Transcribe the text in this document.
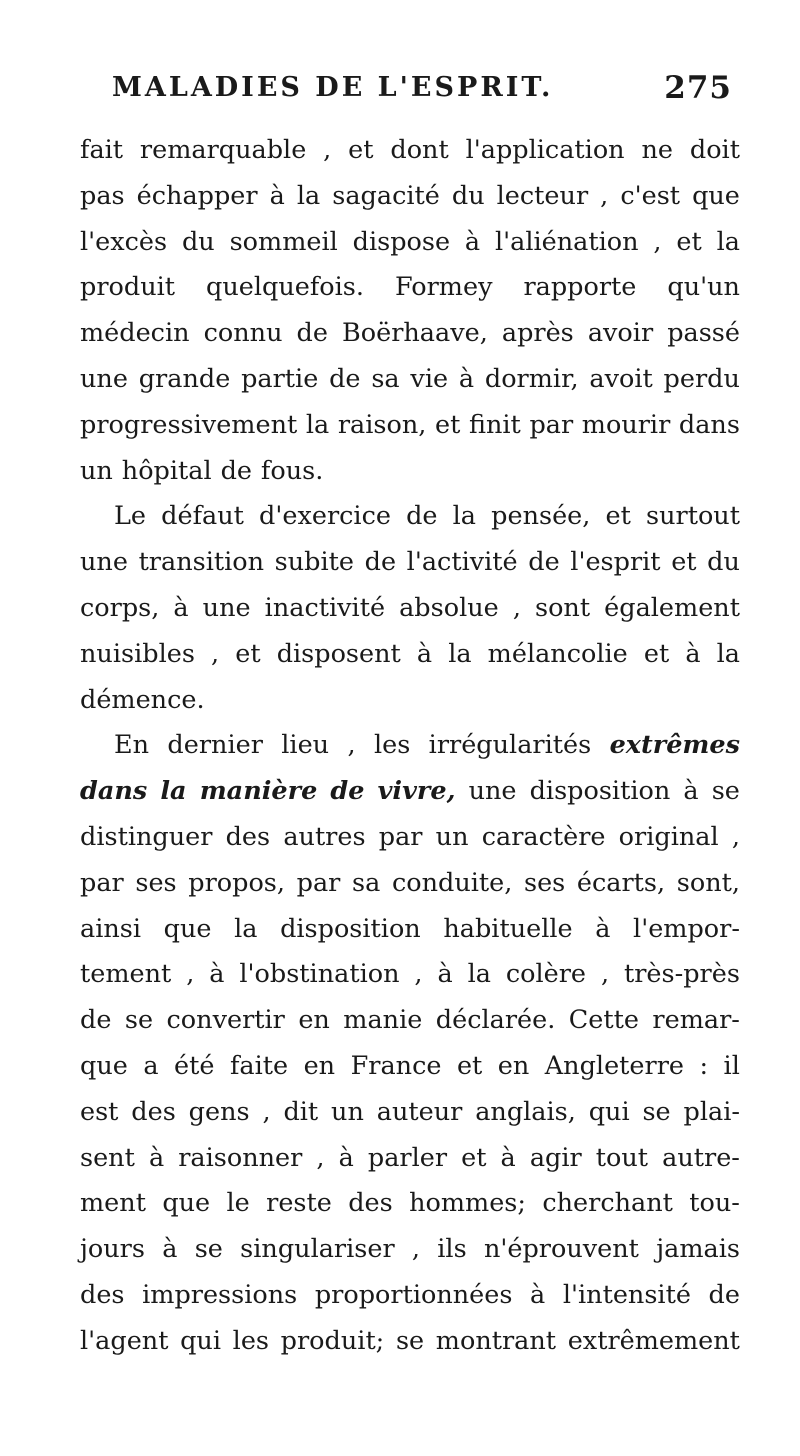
MALADIES DE L'ESPRIT.	275
fait remarquable , et dont l'application ne doit
pas échapper à la sagacité du lecteur , c'est que
l'excès du sommeil dispose à l'aliénation , et la
produit quelquefois. Formey rapporte qu'un
médecin connu de Boërhaave, après avoir passé
une grande partie de sa vie à dormir, avoit perdu
progressivement la raison, et finit par mourir dans
un hôpital de fous.
Le défaut d'exercice de la pensée, et surtout
une transition subite de l'activité de l'esprit et du
corps, à une inactivité absolue , sont également
nuisibles , et disposent à la mélancolie et à la
démence.
En dernier lieu , les irrégularités extrêmes
dans la manière de vivre, une disposition à se
distinguer des autres par un caractère original ,
par ses propos, par sa conduite, ses écarts, sont,
ainsi que la disposition habituelle à l'empor-
tement , à l'obstination , à la colère , très-près
de se convertir en manie déclarée. Cette remar-
que a été faite en France et en Angleterre : il
est des gens , dit un auteur anglais, qui se plai-
sent à raisonner , à parler et à agir tout autre-
ment que le reste des hommes; cherchant tou-
jours à se singulariser , ils n'éprouvent jamais
des impressions proportionnées à l'intensité de
l'agent qui les produit; se montrant extrêmement
